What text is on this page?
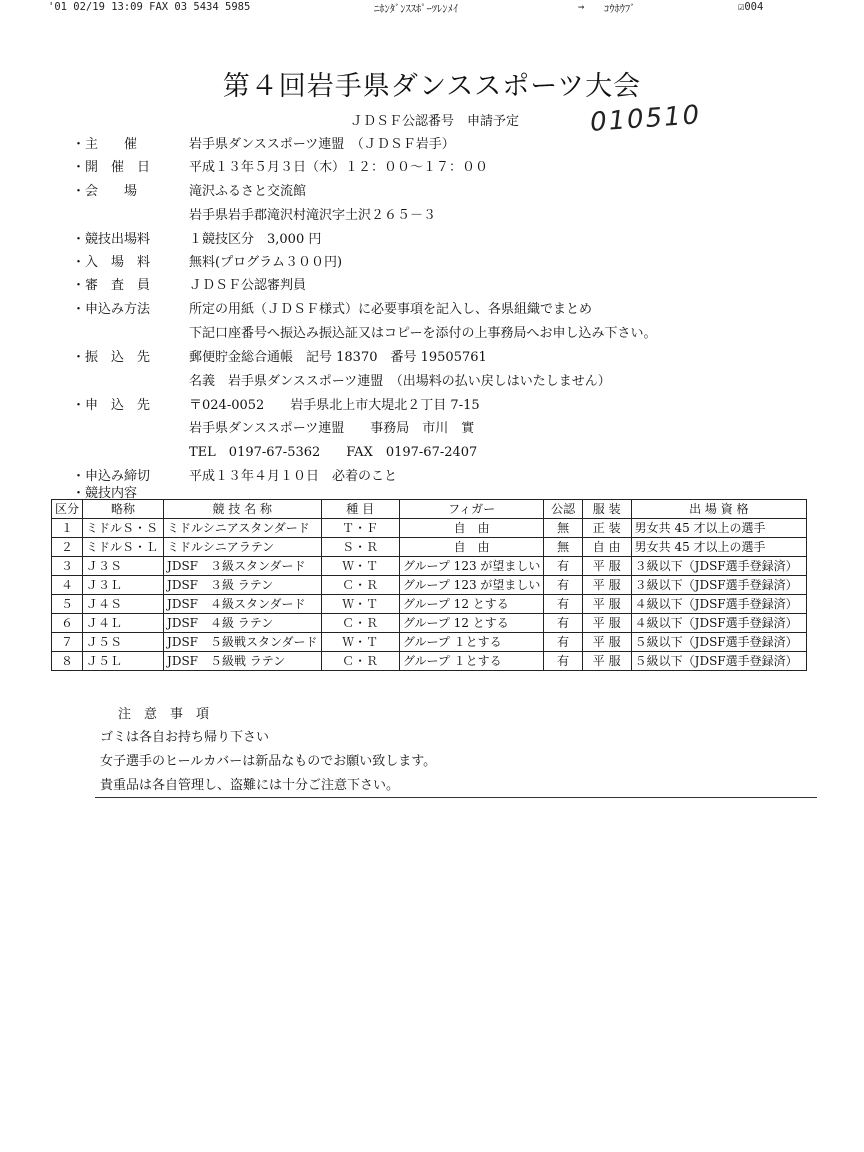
'01 02/19 13:09 FAX 03 5434 5985	ﾆﾎﾝﾀﾞﾝｽｽﾎﾟｰﾂﾚﾝﾒｲ	→ ｺｳﾎｳﾌﾞ	☑004
第４回岩手県ダンススポーツ大会
ＪＤＳＦ公認番号　申請予定	010510
・主　　催	岩手県ダンススポーツ連盟　（ＪＤＳＦ岩手）
・開　催　日	平成１３年５月３日（木）１２：００～１７：００
・会　　場	滝沢ふるさと交流館
岩手県岩手郡滝沢村滝沢字土沢２６５－３
・競技出場料	１競技区分　3,000 円
・入　場　料	無料(プログラム３００円)
・審　査　員	ＪＤＳＦ公認審判員
・申込み方法	所定の用紙（ＪＤＳＦ様式）に必要事項を記入し、各県組織でまとめ
下記口座番号へ振込み振込証又はコピーを添付の上事務局へお申し込み下さい。
・振　込　先	郵便貯金総合通帳　記号 18370　番号 19505761
名義　岩手県ダンススポーツ連盟　（出場料の払い戻しはいたしません）
・申　込　先	〒024-0052　　岩手県北上市大堤北２丁目 7-15
岩手県ダンススポーツ連盟　　事務局　市川　實
TEL　0197-67-5362　　FAX　0197-67-2407
・申込み締切	平成１３年４月１０日　必着のこと
・競技内容
区分	略称	競 技 名 称	種 目	フィガー	公認	服 装	出 場 資 格
１	ミドルＳ・Ｓ	ミドルシニアスタンダード	Ｔ・Ｆ	自　由	無	正 装	男女共 45 才以上の選手
２	ミドルＳ・Ｌ	ミドルシニアラテン	Ｓ・Ｒ	自　由	無	自 由	男女共 45 才以上の選手
３	Ｊ３Ｓ	JDSF　３級スタンダード	Ｗ・Ｔ	グループ 123 が望ましい	有	平 服	３級以下（JDSF選手登録済）
４	Ｊ３Ｌ	JDSF　３級 ラテン	Ｃ・Ｒ	グループ 123 が望ましい	有	平 服	３級以下（JDSF選手登録済）
５	Ｊ４Ｓ	JDSF　４級スタンダード	Ｗ・Ｔ	グループ 12 とする	有	平 服	４級以下（JDSF選手登録済）
６	Ｊ４Ｌ	JDSF　４級 ラテン	Ｃ・Ｒ	グループ 12 とする	有	平 服	４級以下（JDSF選手登録済）
７	Ｊ５Ｓ	JDSF　５級戦スタンダード	Ｗ・Ｔ	グループ １とする	有	平 服	５級以下（JDSF選手登録済）
８	Ｊ５Ｌ	JDSF　５級戦 ラテン	Ｃ・Ｒ	グループ １とする	有	平 服	５級以下（JDSF選手登録済）
注　意　事　項
ゴミは各自お持ち帰り下さい
女子選手のヒールカバーは新品なものでお願い致します。
貴重品は各自管理し、盗難には十分ご注意下さい。
